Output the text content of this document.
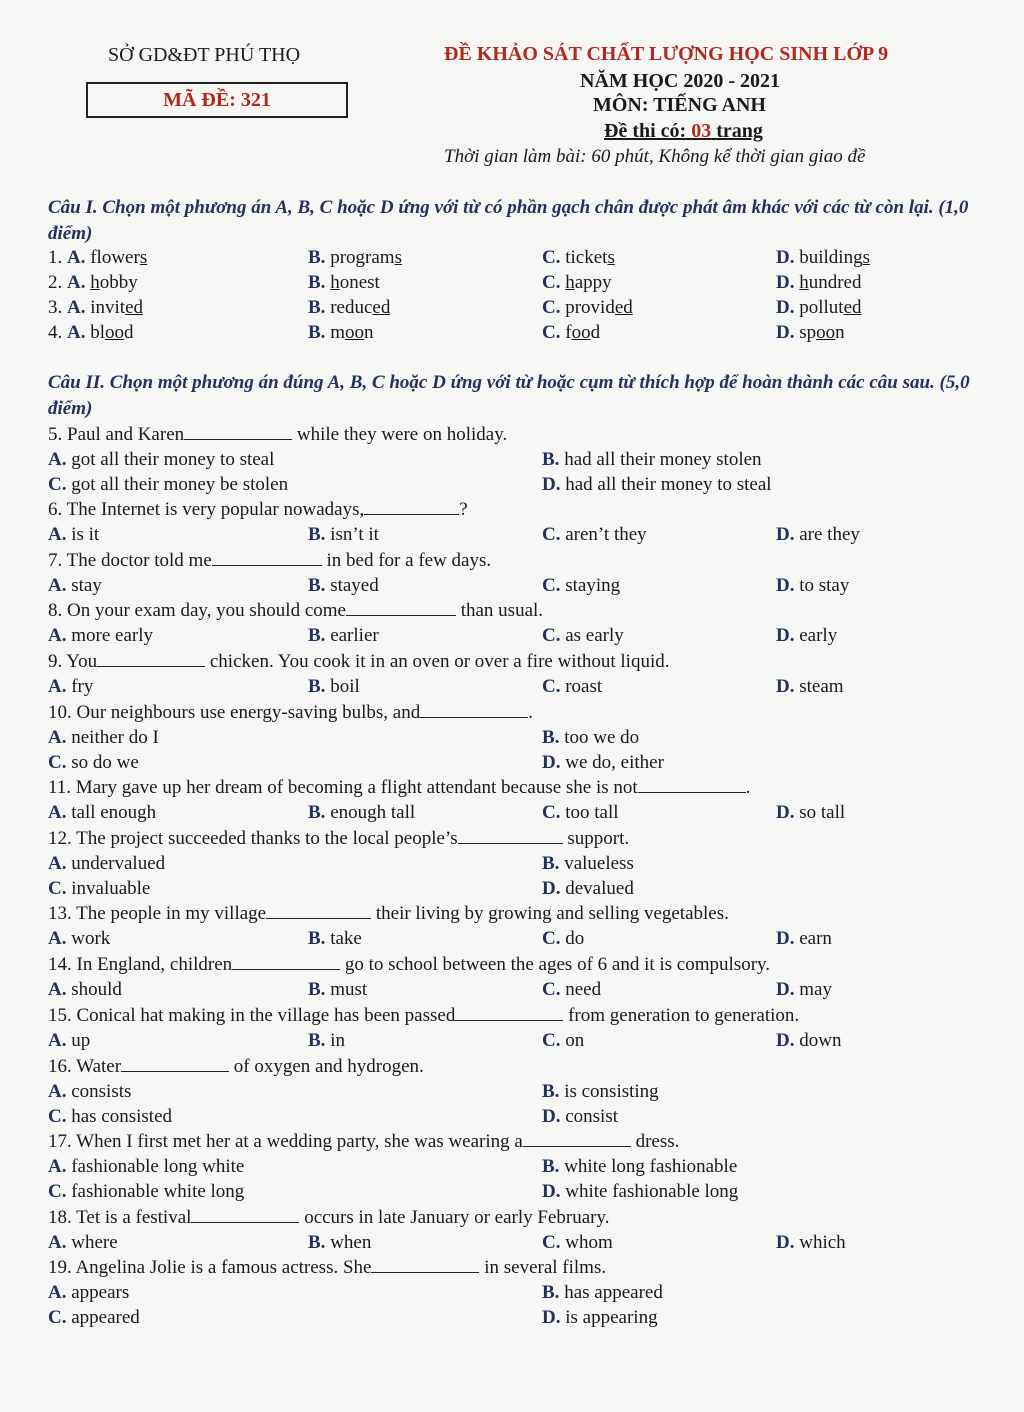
SỞ GD&ĐT PHÚ THỌ
MÃ ĐỀ: 321
ĐỀ KHẢO SÁT CHẤT LƯỢNG HỌC SINH LỚP 9
NĂM HỌC 2020 - 2021
MÔN: TIẾNG ANH
Đề thi có: 03 trang
Thời gian làm bài: 60 phút, Không kể thời gian giao đề
Câu I. Chọn một phương án A, B, C hoặc D ứng với từ có phần gạch chân được phát âm khác với các từ còn lại. (1,0 điểm)
1. A. flowers	B. programs	C. tickets	D. buildings
2. A. hobby	B. honest	C. happy	D. hundred
3. A. invited	B. reduced	C. provided	D. polluted
4. A. blood	B. moon	C. food	D. spoon
Câu II. Chọn một phương án đúng A, B, C hoặc D ứng với từ hoặc cụm từ thích hợp để hoàn thành các câu sau. (5,0 điểm)
5. Paul and Karen	while they were on holiday.
A. got all their money to steal	B. had all their money stolen
C. got all their money be stolen	D. had all their money to steal
6. The Internet is very popular nowadays,	?
A. is it	B. isn’t it	C. aren’t they	D. are they
7. The doctor told me	in bed for a few days.
A. stay	B. stayed	C. staying	D. to stay
8. On your exam day, you should come	than usual.
A. more early	B. earlier	C. as early	D. early
9. You	chicken. You cook it in an oven or over a fire without liquid.
A. fry	B. boil	C. roast	D. steam
10. Our neighbours use energy-saving bulbs, and	.
A. neither do I	B. too we do
C. so do we	D. we do, either
11. Mary gave up her dream of becoming a flight attendant because she is not	.
A. tall enough	B. enough tall	C. too tall	D. so tall
12. The project succeeded thanks to the local people’s	support.
A. undervalued	B. valueless
C. invaluable	D. devalued
13. The people in my village	their living by growing and selling vegetables.
A. work	B. take	C. do	D. earn
14. In England, children	go to school between the ages of 6 and it is compulsory.
A. should	B. must	C. need	D. may
15. Conical hat making in the village has been passed	from generation to generation.
A. up	B. in	C. on	D. down
16. Water	of oxygen and hydrogen.
A. consists	B. is consisting
C. has consisted	D. consist
17. When I first met her at a wedding party, she was wearing a	dress.
A. fashionable long white	B. white long fashionable
C. fashionable white long	D. white fashionable long
18. Tet is a festival	occurs in late January or early February.
A. where	B. when	C. whom	D. which
19. Angelina Jolie is a famous actress. She	in several films.
A. appears	B. has appeared
C. appeared	D. is appearing
